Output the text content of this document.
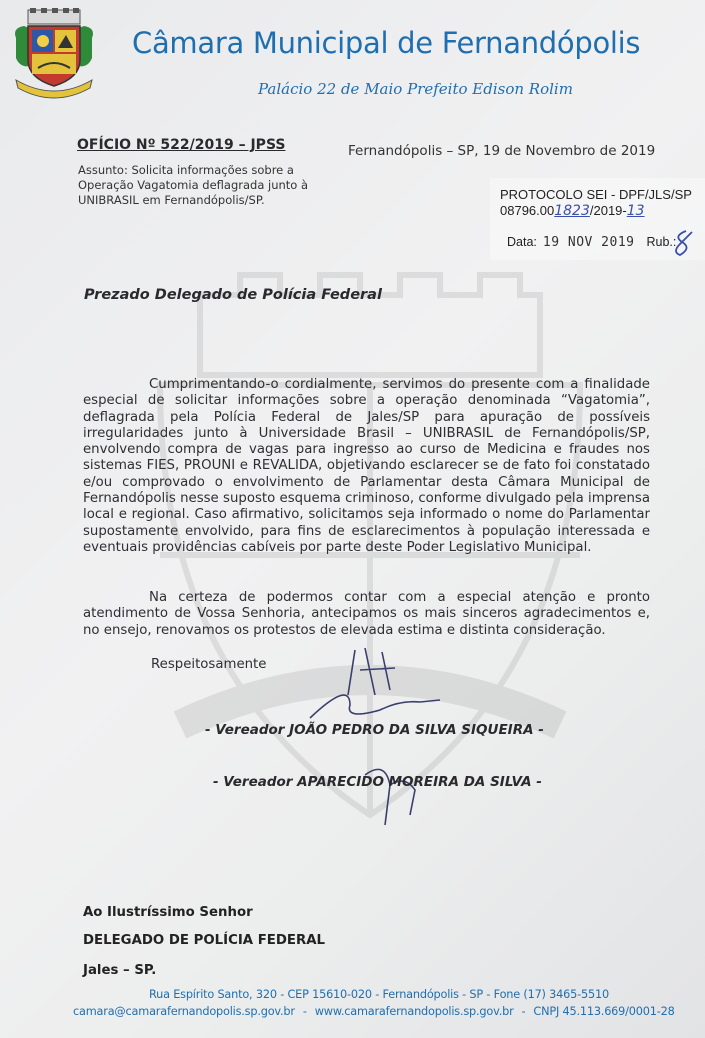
Câmara Municipal de Fernandópolis
Palácio 22 de Maio Prefeito Edison Rolim
OFÍCIO Nº 522/2019 – JPSS	Fernandópolis – SP, 19 de Novembro de 2019
Assunto: Solicita informações sobre a
Operação Vagatomia deflagrada junto à
UNIBRASIL em Fernandópolis/SP.	PROTOCOLO SEI - DPF/JLS/SP
08796.001823/2019-13
Data: 19 NOV 2019 Rub.:
Prezado Delegado de Polícia Federal
Cumprimentando-o cordialmente, servimos do presente com a finalidade especial de solicitar informações sobre a operação denominada “Vagatomia”, deflagrada pela Polícia Federal de Jales/SP para apuração de possíveis irregularidades junto à Universidade Brasil – UNIBRASIL de Fernandópolis/SP, envolvendo compra de vagas para ingresso ao curso de Medicina e fraudes nos sistemas FIES, PROUNI e REVALIDA, objetivando esclarecer se de fato foi constatado e/ou comprovado o envolvimento de Parlamentar desta Câmara Municipal de Fernandópolis nesse suposto esquema criminoso, conforme divulgado pela imprensa local e regional. Caso afirmativo, solicitamos seja informado o nome do Parlamentar supostamente envolvido, para fins de esclarecimentos à população interessada e eventuais providências cabíveis por parte deste Poder Legislativo Municipal.
Na certeza de podermos contar com a especial atenção e pronto atendimento de Vossa Senhoria, antecipamos os mais sinceros agradecimentos e, no ensejo, renovamos os protestos de elevada estima e distinta consideração.
Respeitosamente
- Vereador JOÃO PEDRO DA SILVA SIQUEIRA -
- Vereador APARECIDO MOREIRA DA SILVA -
Ao Ilustríssimo Senhor
DELEGADO DE POLÍCIA FEDERAL
Jales – SP.
Rua Espírito Santo, 320 - CEP 15610-020 - Fernandópolis - SP - Fone (17) 3465-5510
camara@camarafernandopolis.sp.gov.br - www.camarafernandopolis.sp.gov.br - CNPJ 45.113.669/0001-28
